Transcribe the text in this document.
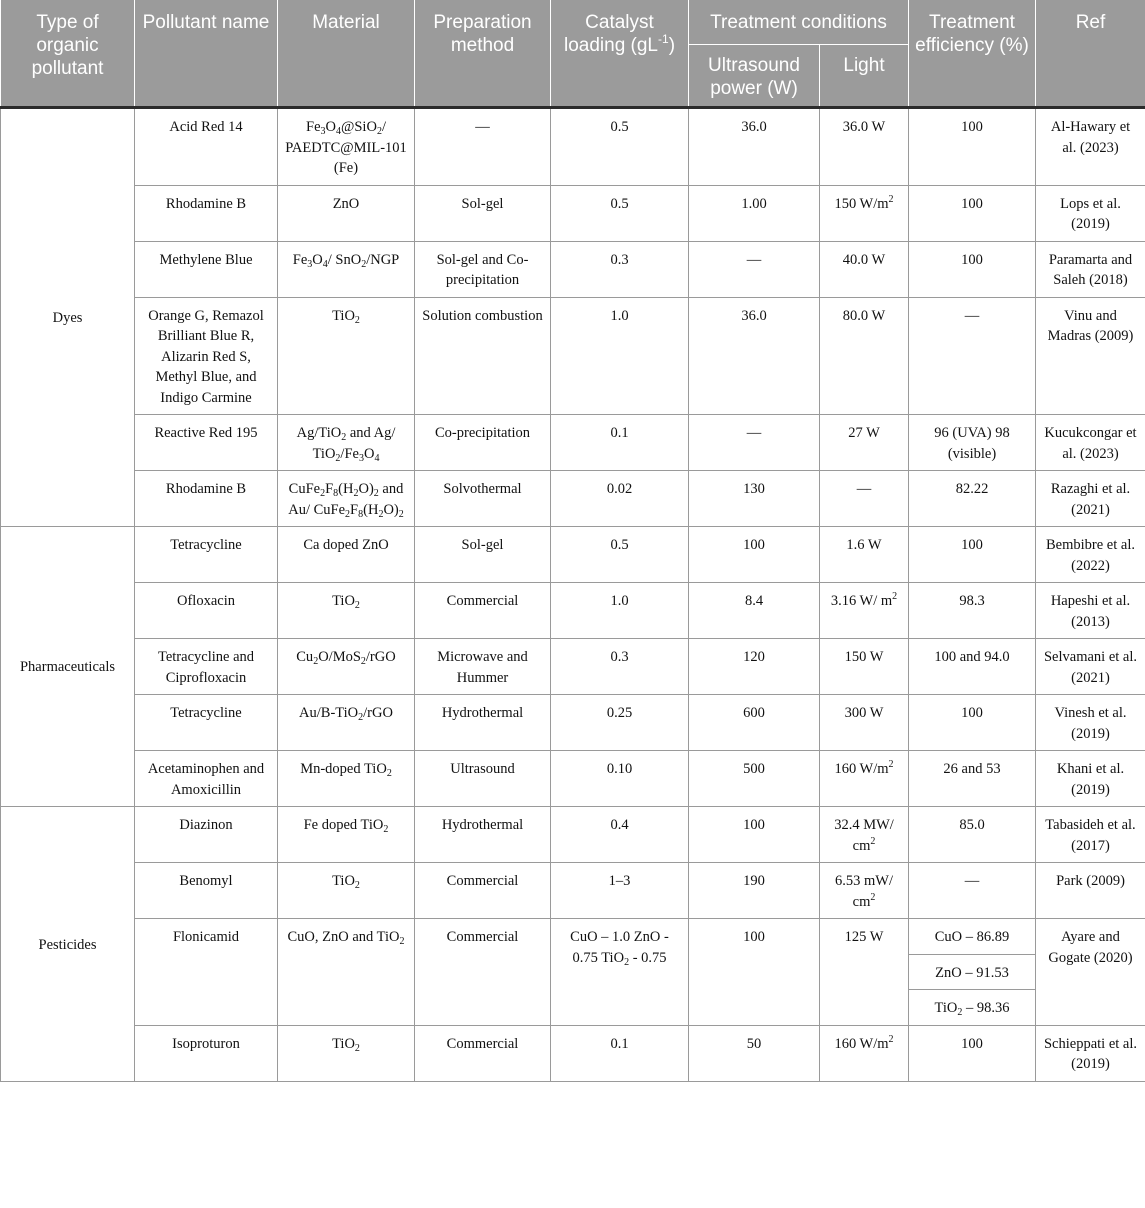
Type of organic pollutant	Pollutant name	Material	Preparation method	Catalyst loading $(gL^{-1})$	Treatment conditions		Treatment efficiency (%)	Ref
					Ultrasound power (W)	Light		
Dyes	Acid Red 14	$Fe_3O_4@SiO_2/$ PAEDTC@MIL-101 (Fe)	—	0.5	36.0	36.0 W	100	Al-Hawary et al. (2023)
	Rhodamine B	ZnO	Sol-gel	0.5	1.00	150 $W/m^2$	100	Lops et al. (2019)
	Methylene Blue	$Fe_3O_4/$ SnO$_2$/NGP	Sol-gel and Co-precipitation	0.3	—	40.0 W	100	Paramarta and Saleh (2018)
	Orange G, Remazol Brilliant Blue R, Alizarin Red S, Methyl Blue, and Indigo Carmine	TiO$_2$	Solution combustion	1.0	36.0	80.0 W	—	Vinu and Madras (2009)
	Reactive Red 195	Ag/TiO$_2$ and Ag/ $TiO_2/Fe_3O_4$	Co-precipitation	0.1	—	27 W	96 (UVA) 98 (visible)	Kucukcongar et al. (2023)
	Rhodamine B	$CuFe_2F_8(H_2O)_2$ and Au/ $CuFe_2F_8(H_2O)_2$	Solvothermal	0.02	130	—	82.22	Razaghi et al. (2021)
Pharmaceuticals	Tetracycline	Ca doped ZnO	Sol-gel	0.5	100	1.6 W	100	Bembibre et al. (2022)
	Ofloxacin	TiO$_2$	Commercial	1.0	8.4	3.16 W/ $m^2$	98.3	Hapeshi et al. (2013)
	Tetracycline and Ciprofloxacin	$Cu_2O/MoS_2$/rGO	Microwave and Hummer	0.3	120	150 W	100 and 94.0	Selvamani et al. (2021)
	Tetracycline	Au/B-TiO$_2$/rGO	Hydrothermal	0.25	600	300 W	100	Vinesh et al. (2019)
	Acetaminophen and Amoxicillin	Mn-doped TiO$_2$	Ultrasound	0.10	500	160 $W/m^2$	26 and 53	Khani et al. (2019)
Pesticides	Diazinon	Fe doped TiO$_2$	Hydrothermal	0.4	100	32.4 MW/ $cm^2$	85.0	Tabasideh et al. (2017)
	Benomyl	TiO$_2$	Commercial	1–3	190	6.53 mW/ $cm^2$	—	Park (2009)
	Flonicamid	CuO, ZnO and TiO$_2$	Commercial	CuO – 1.0 ZnO - 0.75 TiO$_2$ - 0.75	100	125 W	CuO – 86.89	Ayare and Gogate (2020)
							ZnO – 91.53	
							TiO$_2$ – 98.36	
	Isoproturon	TiO$_2$	Commercial	0.1	50	160 $W/m^2$	100	Schieppati et al. (2019)
